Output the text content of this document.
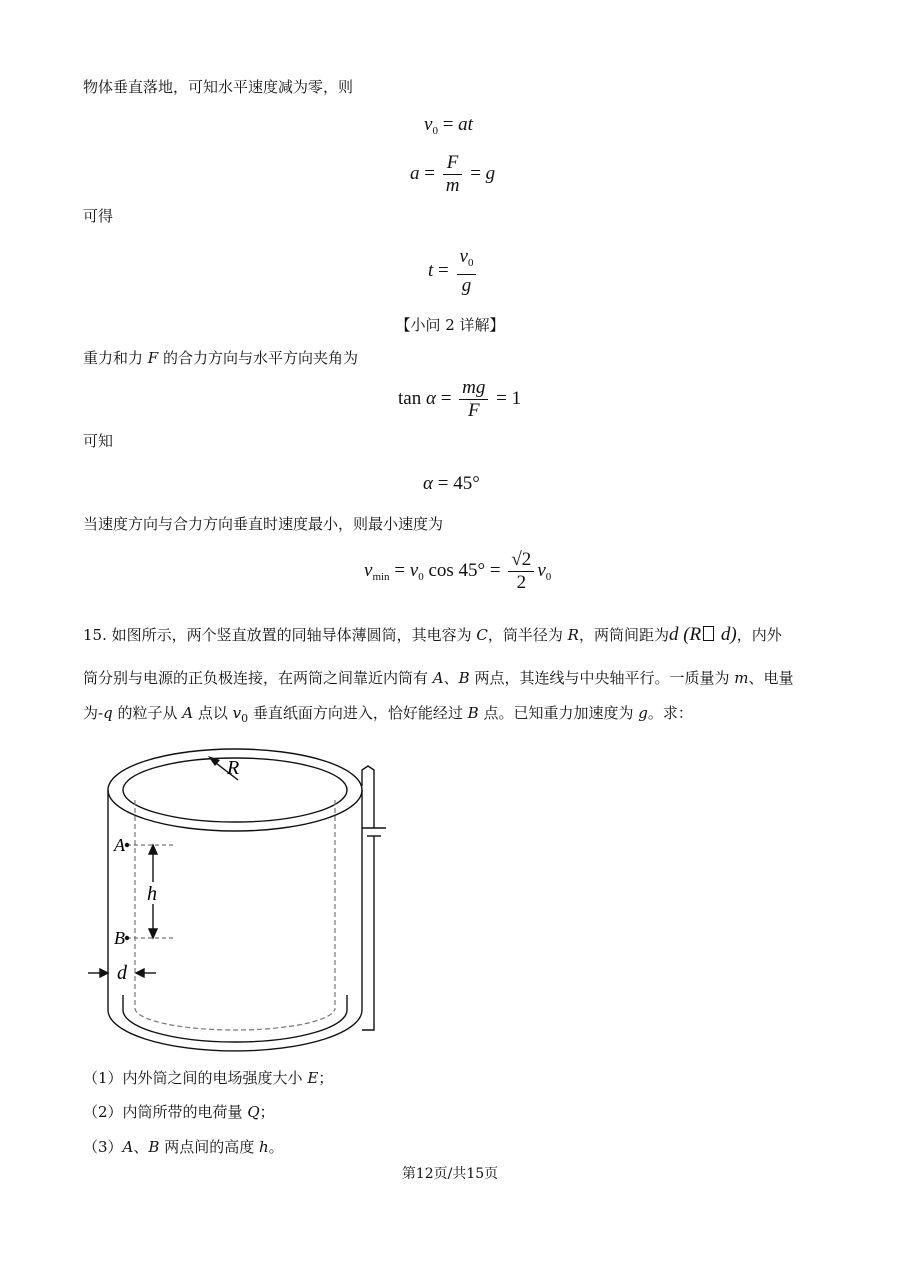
物体垂直落地，可知水平速度减为零，则
$v_0$ = at
$a = \frac{F}{m} = g$
可得
$t = \frac{v_0}{g}$
【小问 2 详解】
重力和力 F 的合力方向与水平方向夹角为
$\tan \alpha = \frac{mg}{F} = 1$
可知
α = 45°
当速度方向与合力方向垂直时速度最小，则最小速度为
$v_{min} = v_0$ $\cos 45^\circ = \frac{√2}{2} v_0$
15. 如图所示，两个竖直放置的同轴导体薄圆筒，其电容为 C，筒半径为 R，两筒间距为d (R d)，内外
筒分别与电源的正负极连接，在两筒之间靠近内筒有 A、B 两点，其连线与中央轴平行。一质量为 m、电量
为-q 的粒子从 A 点以 $v_0$ 垂直纸面方向进入，恰好能经过 B 点。已知重力加速度为 g。求：
R
A
B
h
d
（1）内外筒之间的电场强度大小 E；
（2）内筒所带的电荷量 Q；
（3）A、B 两点间的高度 h。
第12页/共15页
